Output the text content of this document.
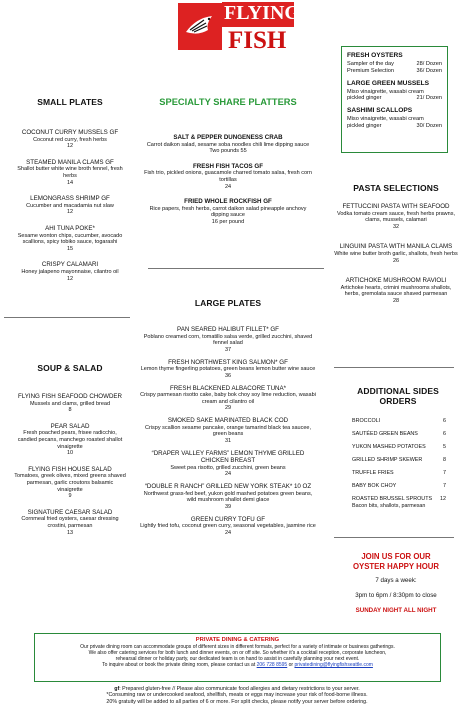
FLYING
FISH
SMALL PLATES
COCONUT CURRY MUSSELS GF
Coconut red curry, fresh herbs
12
STEAMED MANILA CLAMS GF
Shallot butter white wine broth fennel, fresh herbs
14
LEMONGRASS SHRIMP GF
Cucumber and macadamia nut slaw
12
AHI TUNA POKE*
Sesame wonton chips, cucumber, avocado scallions, spicy tobiko sauce, togarashi
15
CRISPY CALAMARI
Honey jalapeno mayonnaise, cilantro oil
12
SOUP & SALAD
FLYING FISH SEAFOOD CHOWDER
Mussels and clams, grilled bread
8
PEAR SALAD
Fresh poached pears, frisee radicchio, candied pecans, manchego roasted shallot vinaigrette
10
FLYING FISH HOUSE SALAD
Tomatoes, greek olives, mixed greens shaved parmesan, garlic croutons balsamic vinaigrette
9
SIGNATURE CAESAR SALAD
Cornmeal fried oysters, caesar dressing crostini, parmesan
13
SPECIALTY SHARE PLATTERS
SALT & PEPPER DUNGENESS CRAB
Carrot daikon salad, sesame soba noodles chili lime dipping sauce
Two pounds 55
FRESH FISH TACOS GF
Fish trio, pickled onions, guacamole charred tomato salsa, fresh corn tortillas
24
FRIED WHOLE ROCKFISH GF
Rice papers, fresh herbs, carrot daikon salad pineapple anchovy dipping sauce
16 per pound
LARGE PLATES
PAN SEARED HALIBUT FILLET* GF
Poblano creamed corn, tomatillo salsa verde, grilled zucchini, shaved fennel salad
37
FRESH NORTHWEST KING SALMON* GF
Lemon thyme fingerling potatoes, green beans lemon butter wine sauce
36
FRESH BLACKENED ALBACORE TUNA*
Crispy parmesan risotto cake, baby bok choy soy lime reduction, wasabi cream and cilantro oil
29
SMOKED SAKE MARINATED BLACK COD
Crispy scallion sesame pancake, orange tamarind black tea saucee, green beans
31
“DRAPER VALLEY FARMS” LEMON THYME GRILLED CHICKEN BREAST
Sweet pea risotto, grilled zucchini, green beans
24
“DOUBLE R RANCH” GRILLED NEW YORK STEAK* 10 OZ
Northwest grass-fed beef, yukon gold mashed potatoes green beans, wild mushroom shallot demi glace
39
GREEN CURRY TOFU GF
Lightly fried tofu, coconut green curry, seasonal vegetables, jasmine rice
24
FRESH OYSTERS
Sampler of the day	28/ Dozen
Premium Selection	36/ Dozen
LARGE GREEN MUSSELS
Miso vinaigrette, wasabi cream
pickled ginger	21/ Dozen
SASHIMI SCALLOPS
Miso vinaigrette, wasabi cream
pickled ginger	30/ Dozen
PASTA SELECTIONS
FETTUCCINI PASTA WITH SEAFOOD
Vodka tomato cream sauce, fresh herbs prawns, clams, mussels, calamari
32
LINGUINI PASTA WITH MANILA CLAMS
White wine butter broth garlic, shallots, fresh herbs
26
ARTICHOKE MUSHROOM RAVIOLI
Artichoke hearts, crimini mushrooms shallots, herbs, gremolata sauce shaved parmesan
28
ADDITIONAL SIDES ORDERS
BROCCOLI	6
SAUTÉED GREEN BEANS	6
YUKON MASHED POTATOES	5
GRILLED SHRIMP SKEWER	8
TRUFFLE FRIES	7
BABY BOK CHOY	7
ROASTED BRUSSEL SPROUTS 12
Bacon bits, shallots, parmesan
JOIN US FOR OUR
OYSTER HAPPY HOUR
7 days a week:
3pm to 6pm / 8:30pm to close
SUNDAY NIGHT ALL NIGHT
PRIVATE DINING & CATERING
Our private dining room can accommodate groups of different sizes in different formats, perfect for a variety of intimate or business gatherings.
We also offer catering services for both lunch and dinner events, on or off site. So whether it’s a cocktail reception, corporate luncheon,
rehearsal dinner or holiday party, our dedicated team is on hand to assist in carefully planning your next event.
To inquire about or book the private dining room, please contact us at 206 728 8595 or privatedining@flyingfishseattle.com
gf: Prepared gluten-free // Please also communicate food allergies and dietary restrictions to your server.
*Consuming raw or undercooked seafood, shellfish, meats or eggs may increase your risk of food-borne illness.
20% gratuity will be added to all parties of 6 or more. For split checks, please notify your server before ordering.
